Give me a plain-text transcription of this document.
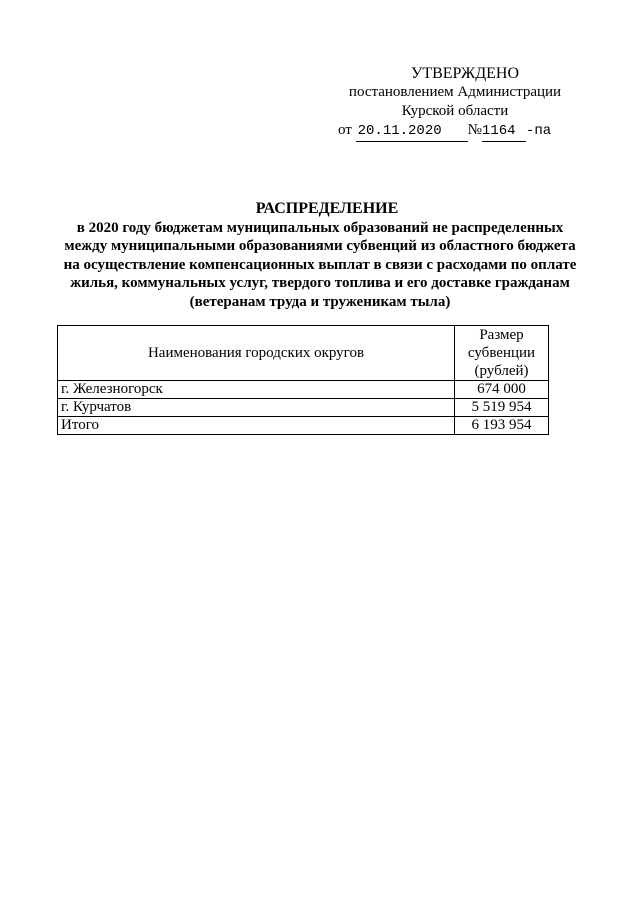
УТВЕРЖДЕНО
постановлением Администрации
Курской области
от 20.11.2020 №1164 -па
РАСПРЕДЕЛЕНИЕ
в 2020 году бюджетам муниципальных образований не распределенных
между муниципальными образованиями субвенций из областного бюджета
на осуществление компенсационных выплат в связи с расходами по оплате
жилья, коммунальных услуг, твердого топлива и его доставке гражданам
(ветеранам труда и труженикам тыла)
Наименования городских округов	Размер
субвенции
(рублей)

г. Железногорск	674 000
г. Курчатов	5 519 954
Итого	6 193 954
